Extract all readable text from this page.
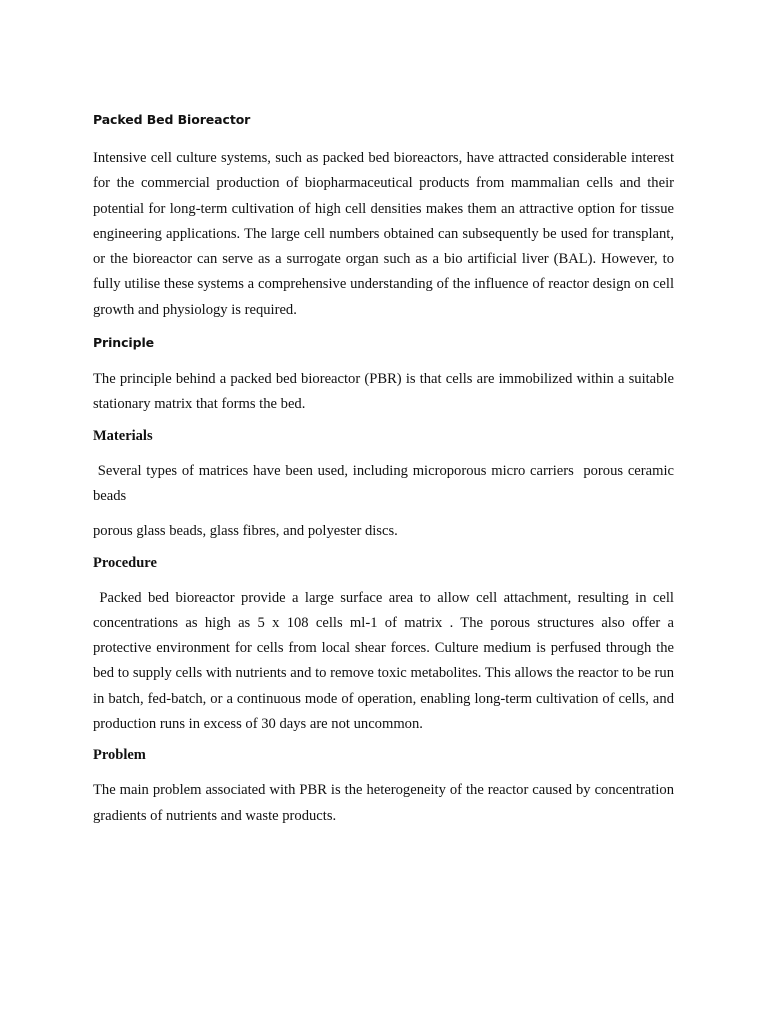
Packed Bed Bioreactor

Intensive cell culture systems, such as packed bed bioreactors, have attracted considerable interest for the commercial production of biopharmaceutical products from mammalian cells and their potential for long-term cultivation of high cell densities makes them an attractive option for tissue engineering applications. The large cell numbers obtained can subsequently be used for transplant, or the bioreactor can serve as a surrogate organ such as a bio artificial liver (BAL). However, to fully utilise these systems a comprehensive understanding of the influence of reactor design on cell growth and physiology is required.

Principle

The principle behind a packed bed bioreactor (PBR) is that cells are immobilized within a suitable stationary matrix that forms the bed.

Materials

Several types of matrices have been used, including microporous micro carriers  porous ceramic beads

porous glass beads, glass fibres, and polyester discs.

Procedure

Packed bed bioreactor provide a large surface area to allow cell attachment, resulting in cell concentrations as high as 5 x 108 cells ml-1 of matrix . The porous structures also offer a protective environment for cells from local shear forces. Culture medium is perfused through the bed to supply cells with nutrients and to remove toxic metabolites. This allows the reactor to be run in batch, fed-batch, or a continuous mode of operation, enabling long-term cultivation of cells, and production runs in excess of 30 days are not uncommon.

Problem

The main problem associated with PBR is the heterogeneity of the reactor caused by concentration gradients of nutrients and waste products.
